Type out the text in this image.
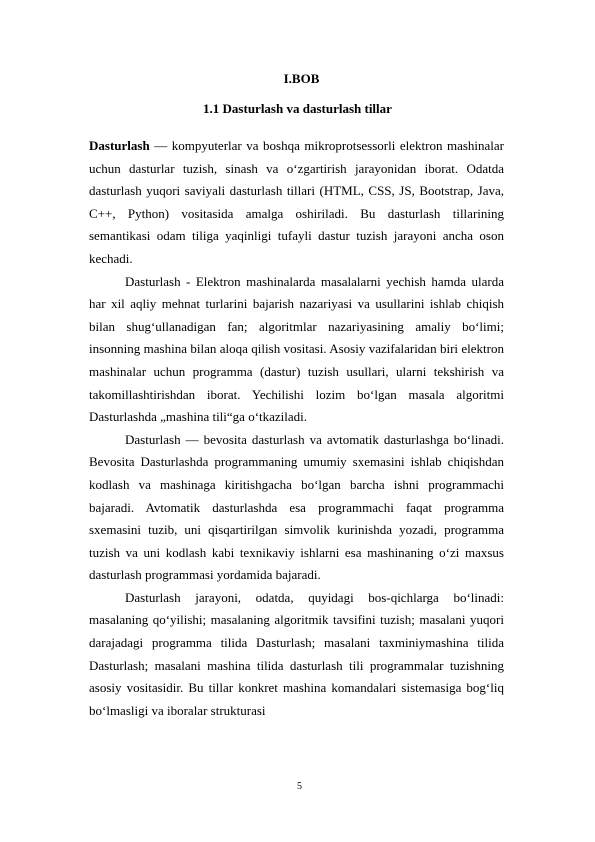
I.BOB
1.1 Dasturlash va dasturlash tillar

Dasturlash — kompyuterlar va boshqa mikroprotsessorli elektron mashinalar uchun dasturlar tuzish, sinash va o‘zgartirish jarayonidan iborat. Odatda dasturlash yuqori saviyali dasturlash tillari (HTML, CSS, JS, Bootstrap, Java, C++, Python) vositasida amalga oshiriladi. Bu dasturlash tillarining semantikasi odam tiliga yaqinligi tufayli dastur tuzish jarayoni ancha oson kechadi.

Dasturlash - Elektron mashinalarda masalalarni yechish hamda ularda har xil aqliy mehnat turlarini bajarish nazariyasi va usullarini ishlab chiqish bilan shug‘ullanadigan fan; algoritmlar nazariyasining amaliy bo‘limi; insonning mashina bilan aloqa qilish vositasi. Asosiy vazifalaridan biri elektron mashinalar uchun programma (dastur) tuzish usullari, ularni tekshirish va takomillashtirishdan iborat. Yechilishi lozim bo‘lgan masala algoritmi Dasturlashda „mashina tili“ga o‘tkaziladi.

Dasturlash — bevosita dasturlash va avtomatik dasturlashga bo‘linadi. Bevosita Dasturlashda programmaning umumiy sxemasini ishlab chiqishdan kodlash va mashinaga kiritishgacha bo‘lgan barcha ishni programmachi bajaradi. Avtomatik dasturlashda esa programmachi faqat programma sxemasini tuzib, uni qisqartirilgan simvolik kurinishda yozadi, programma tuzish va uni kodlash kabi texnikaviy ishlarni esa mashinaning o‘zi maxsus dasturlash programmasi yordamida bajaradi.

Dasturlash jarayoni, odatda, quyidagi bos-qichlarga bo‘linadi: masalaning qo‘yilishi; masalaning algoritmik tavsifini tuzish; masalani yuqori darajadagi programma tilida Dasturlash; masalani taxminiymashina tilida Dasturlash; masalani mashina tilida dasturlash tili programmalar tuzishning asosiy vositasidir. Bu tillar konkret mashina komandalari sistemasiga bog‘liq bo‘lmasligi va iboralar strukturasi

5
